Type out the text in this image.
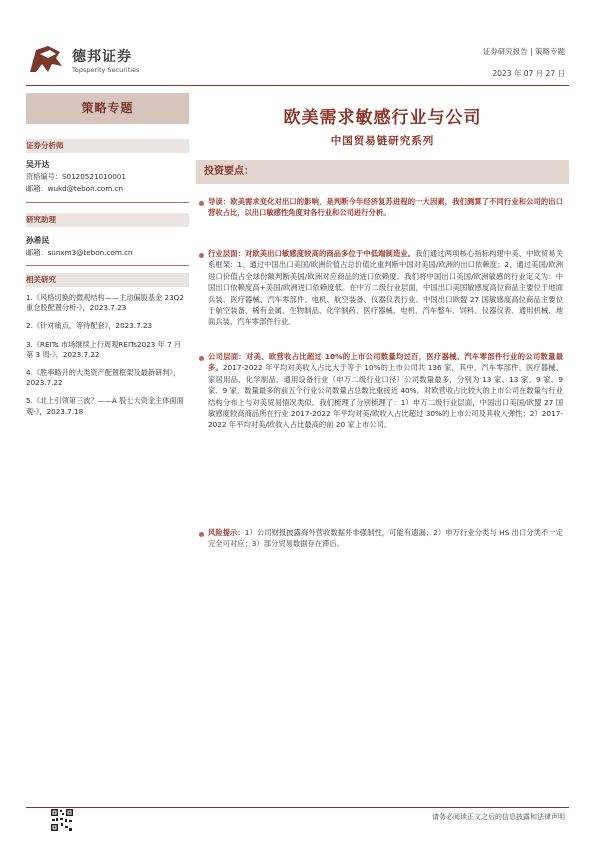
德邦证券
Topsperity Securities
证券研究报告 | 策略专题
2023 年 07 月 27 日
策略专题
证券分析师
吴开达
资格编号：S0120521010001
邮箱：wukd@tebon.com.cn
研究助理
孙希民
邮箱：sunxm3@tebon.com.cn
相关研究
1.《风格切换的微观结构——主动偏股基金 23Q2 重仓股配置分析-》，2023.7.23
2.《针对痛点，等待配套》，2023.7.23
3.《REITs 市场继续上行周观REITs2023 年 7 月第 3 周-》，2023.7.22
4.《胜率略升的大类资产配置框架及最新研判》，2023.7.22
5.《北上引领第三波？——A 股七大资金主体面面观-》，2023.7.18
欧美需求敏感行业与公司
中国贸易链研究系列
投资要点：
导读：欧美需求变化对出口的影响，是判断今年经济复苏进程的一大因素，我们测算了不同行业和公司的出口营收占比，以出口敏感性角度对各行业和公司进行分析。
行业层面：对欧美出口敏感度较高的商品多位于中低端制造业。我们通过两项核心指标构建中美、中欧贸易关系框架：1、通过中国出口美国/欧洲价值占总价值比重判断中国对美国/欧洲的出口依赖度；2、通过美国/欧洲进口价值占全球份额判断美国/欧洲对应商品的进口依赖度。我们将中国出口美国/欧洲敏感的行业定义为：中国出口依赖度高+美国/欧洲进口依赖度低。在中万二级行业层面，中国出口美国敏感度高位商品主要位于地面兵装、医疗器械、汽车零部件、电机、航空装备、仪器仪表行业。中国出口欧盟 27 国敏感度高位商品主要位于航空装备、稀有金属、生物制品、化学制药、医疗器械、电机、汽车整车、饲料、仪器仪表、通用机械、地面兵装、汽车零部件行业。
公司层面：对美、欧营收占比超过 10%的上市公司数量均过百，医疗器械、汽车零部件行业的公司数量最多。2017-2022 年平均对美收入占比大于等于 10%的上市公司共 136 家，其中，汽车零部件、医疗器械、家居用品、化学制品、通用设备行业（申万二级行业口径）公司数量最多，分别为 13 家、13 家、9 家、9 家、9 家，数量最多的前五个行业公司数量占总数比重接近 40%。对欧营收占比较大的上市公司在数量与行业结构分布上与对美贸易情况类似。我们梳理了分别梳理了：1）申万二级行业层面，中国出口美国/欧盟 27 国敏感度较高商品所在行业 2017-2022 年平均对美/欧收入占比超过 30%的上市公司及其收入弹性；2）2017-2022 年平均对美/欧收入占比最高的前 20 家上市公司。
风险提示：1）公司财报披露海外营收数据并非强制性，可能有遗漏；2）申万行业分类与 HS 出口分类不一定完全可对应；3）部分贸易数据存在滞后。
请务必阅读正文之后的信息披露和法律声明
